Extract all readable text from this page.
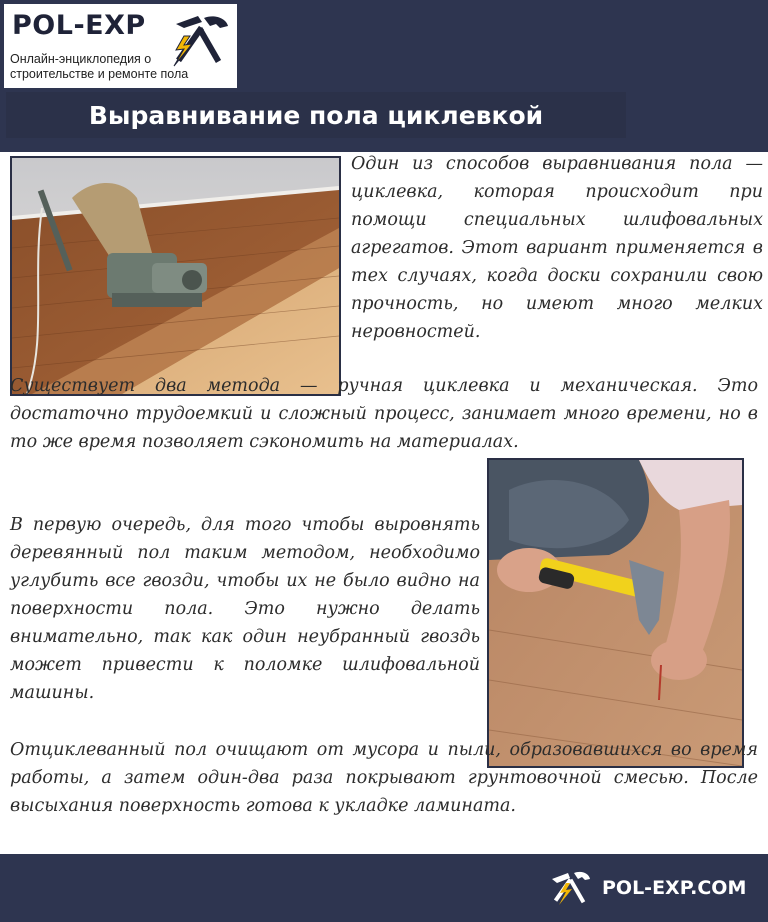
POL-EXP
Онлайн-энциклопедия о строительстве и ремонте пола
Выравнивание пола циклевкой
Один из способов выравнивания пола — циклевка, которая происходит при помощи специальных шлифовальных агрегатов. Этот вариант применяется в тех случаях, когда доски сохранили свою прочность, но имеют много мелких неровностей.
Существует два метода — ручная циклевка и механическая. Это достаточно трудоемкий и сложный процесс, занимает много времени, но в то же время позволяет сэкономить на материалах.
В первую очередь, для того чтобы выровнять деревянный пол таким методом, необходимо углубить все гвозди, чтобы их не было видно на поверхности пола. Это нужно делать внимательно, так как один неубранный гвоздь может привести к поломке шлифовальной машины.
Отциклеванный пол очищают от мусора и пыли, образовавшихся во время работы, а затем один-два раза покрывают грунтовочной смесью. После высыхания поверхность готова к укладке ламината.
POL-EXP.COM
